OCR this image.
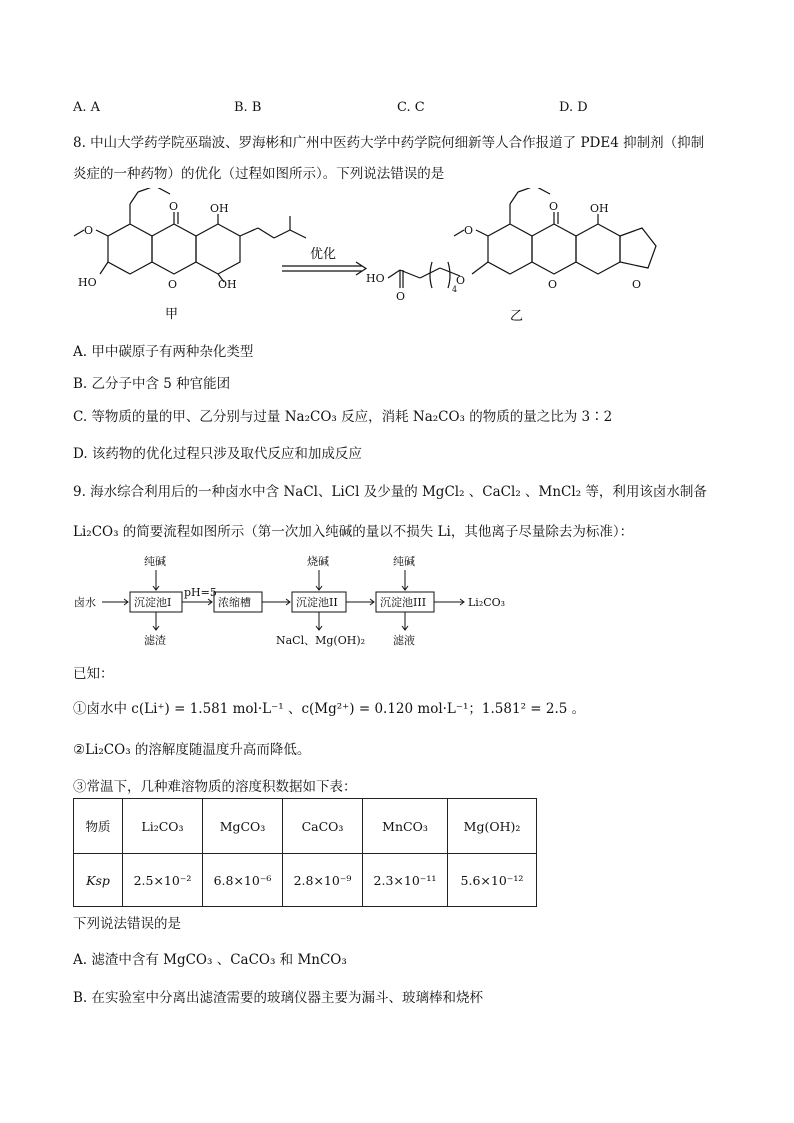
A. A	B. B	C. C	D. D
8. 中山大学药学院巫瑞波、罗海彬和广州中医药大学中药学院何细新等人合作报道了 PDE4 抑制剂（抑制
炎症的一种药物）的优化（过程如图所示）。下列说法错误的是
O	OH
O
HO	O	OH
O	OH
O
O	O	O
HO
O
4
优化
甲	乙
A. 甲中碳原子有两种杂化类型
B. 乙分子中含 5 种官能团
C. 等物质的量的甲、乙分别与过量 Na₂CO₃ 反应，消耗 Na₂CO₃ 的物质的量之比为 3∶2
D. 该药物的优化过程只涉及取代反应和加成反应
9. 海水综合利用后的一种卤水中含 NaCl、LiCl 及少量的 MgCl₂ 、CaCl₂ 、MnCl₂ 等，利用该卤水制备
Li₂CO₃ 的简要流程如图所示（第一次加入纯碱的量以不损失 Li，其他离子尽量除去为标准）：
卤水	沉淀池I	浓缩槽	沉淀池II	沉淀池III
pH=5
纯碱	烧碱	纯碱
滤渣	NaCl、Mg(OH)₂	滤液
Li₂CO₃
已知：
①卤水中 c(Li⁺) = 1.581 mol·L⁻¹ 、c(Mg²⁺) = 0.120 mol·L⁻¹；1.581² = 2.5 。
②Li₂CO₃ 的溶解度随温度升高而降低。
③常温下，几种难溶物质的溶度积数据如下表：
物质	Li₂CO₃	MgCO₃	CaCO₃	MnCO₃	Mg(OH)₂
Ksp	2.5×10⁻²	6.8×10⁻⁶	2.8×10⁻⁹	2.3×10⁻¹¹	5.6×10⁻¹²
下列说法错误的是
A. 滤渣中含有 MgCO₃ 、CaCO₃ 和 MnCO₃
B. 在实验室中分离出滤渣需要的玻璃仪器主要为漏斗、玻璃棒和烧杯
